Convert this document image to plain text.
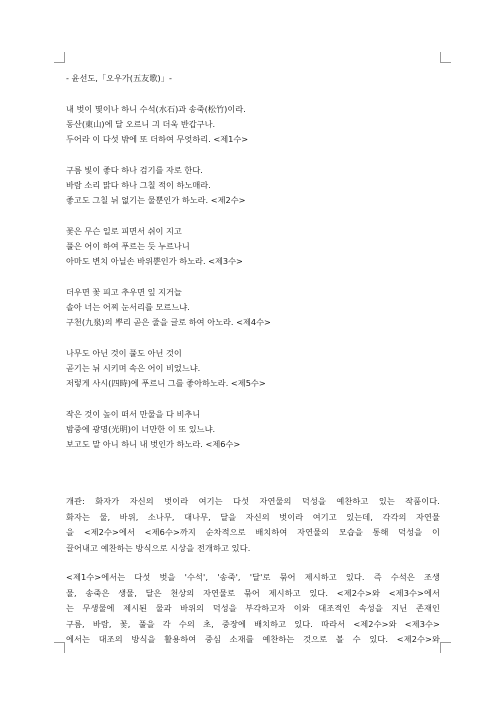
- 윤선도,「오우가(五友歌)」-
내 벗이 몇이나 하니 수석(水石)과 송죽(松竹)이라.
동산(東山)에 달 오르니 긔 더욱 반갑구나.
두어라 이 다섯 밖에 또 더하여 무엇하리. <제1수>
구름 빛이 좋다 하나 검기를 자로 한다.
바람 소리 맑다 하나 그칠 적이 하노매라.
좋고도 그칠 뉘 없기는 물뿐인가 하노라. <제2수>
꽃은 무슨 일로 피면서 쉬이 지고
풀은 어이 하여 푸르는 듯 누르나니
아마도 변치 아닐손 바위뿐인가 하노라. <제3수>
더우면 꽃 피고 추우면 잎 지거늘
솔아 너는 어찌 눈서리를 모르느냐.
구천(九泉)의 뿌리 곧은 줄을 글로 하여 아노라. <제4수>
나무도 아닌 것이 풀도 아닌 것이
곧기는 뉘 시키며 속은 어이 비었느냐.
저렇게 사시(四時)에 푸르니 그를 좋아하노라. <제5수>
작은 것이 높이 떠서 만물을 다 비추니
밤중에 광명(光明)이 너만한 이 또 있느냐.
보고도 말 아니 하니 내 벗인가 하노라. <제6수>
개관: 화자가 자신의 벗이라 여기는 다섯 자연물의 덕성을 예찬하고 있는 작품이다.
화자는 물, 바위, 소나무, 대나무, 달을 자신의 벗이라 여기고 있는데, 각각의 자연물
을 <제2수>에서 <제6수>까지 순차적으로 배치하여 자연물의 모습을 통해 덕성을 이
끌어내고 예찬하는 방식으로 시상을 전개하고 있다.
<제1수>에서는 다섯 벗을 '수석', '송죽', '달'로 묶어 제시하고 있다. 즉 수석은 조생
물, 송죽은 생물, 달은 천상의 자연물로 묶어 제시하고 있다. <제2수>와 <제3수>에서
는 무생물에 제시된 물과 바위의 덕성을 부각하고자 이와 대조적인 속성을 지닌 존재인
구름, 바람, 꽃, 풀을 각 수의 초, 중장에 배치하고 있다. 따라서 <제2수>와 <제3수>
에서는 대조의 방식을 활용하여 중심 소재를 예찬하는 것으로 볼 수 있다. <제2수>와
